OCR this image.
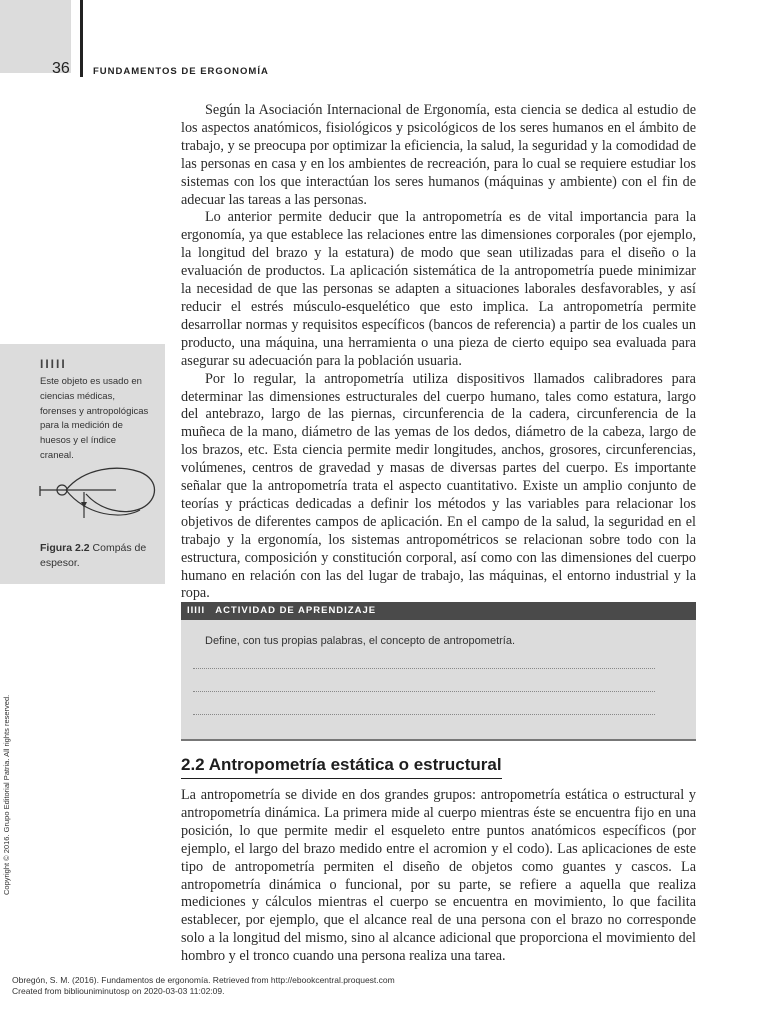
36 FUNDAMENTOS DE ERGONOMÍA

Según la Asociación Internacional de Ergonomía, esta ciencia se dedica al estudio de los aspectos anatómicos, fisiológicos y psicológicos de los seres humanos en el ámbito de trabajo, y se preocupa por optimizar la eficiencia, la salud, la seguridad y la comodidad de las personas en casa y en los ambientes de recreación, para lo cual se requiere estudiar los sistemas con los que interactúan los seres humanos (máquinas y ambiente) con el fin de adecuar las tareas a las personas.

Lo anterior permite deducir que la antropometría es de vital importancia para la ergonomía, ya que establece las relaciones entre las dimensiones corporales (por ejemplo, la longitud del brazo y la estatura) de modo que sean utilizadas para el diseño o la evaluación de productos. La aplicación sistemática de la antropometría puede minimizar la necesidad de que las personas se adapten a situaciones laborales desfavorables, y así reducir el estrés músculo-esquelético que esto implica. La antropometría permite desarrollar normas y requisitos específicos (bancos de referencia) a partir de los cuales un producto, una máquina, una herramienta o una pieza de cierto equipo sea evaluada para asegurar su adecuación para la población usuaria.

Por lo regular, la antropometría utiliza dispositivos llamados calibradores para determinar las dimensiones estructurales del cuerpo humano, tales como estatura, largo del antebrazo, largo de las piernas, circunferencia de la cadera, circunferencia de la muñeca de la mano, diámetro de las yemas de los dedos, diámetro de la cabeza, largo de los brazos, etc. Esta ciencia permite medir longitudes, anchos, grosores, circunferencias, volúmenes, centros de gravedad y masas de diversas partes del cuerpo. Es importante señalar que la antropometría trata el aspecto cuantitativo. Existe un amplio conjunto de teorías y prácticas dedicadas a definir los métodos y las variables para relacionar los objetivos de diferentes campos de aplicación. En el campo de la salud, la seguridad en el trabajo y la ergonomía, los sistemas antropométricos se relacionan sobre todo con la estructura, composición y constitución corporal, así como con las dimensiones del cuerpo humano en relación con las del lugar de trabajo, las máquinas, el entorno industrial y la ropa.

IIIII
Este objeto es usado en ciencias médicas, forenses y antropológicas para la medición de huesos y el índice craneal.
Figura 2.2 Compás de espesor.
IIIII ACTIVIDAD DE APRENDIZAJE
Define, con tus propias palabras, el concepto de antropometría.
2.2 Antropometría estática o estructural

La antropometría se divide en dos grandes grupos: antropometría estática o estructural y antropometría dinámica. La primera mide al cuerpo mientras éste se encuentra fijo en una posición, lo que permite medir el esqueleto entre puntos anatómicos específicos (por ejemplo, el largo del brazo medido entre el acromion y el codo). Las aplicaciones de este tipo de antropometría permiten el diseño de objetos como guantes y cascos. La antropometría dinámica o funcional, por su parte, se refiere a aquella que realiza mediciones y cálculos mientras el cuerpo se encuentra en movimiento, lo que facilita establecer, por ejemplo, que el alcance real de una persona con el brazo no corresponde solo a la longitud del mismo, sino al alcance adicional que proporciona el movimiento del hombro y el tronco cuando una persona realiza una tarea.

Copyright © 2016. Grupo Editorial Patria. All rights reserved.
Obregón, S. M. (2016). Fundamentos de ergonomía. Retrieved from http://ebookcentral.proquest.com
Created from bibliouniminutosp on 2020-03-03 11:02:09.
